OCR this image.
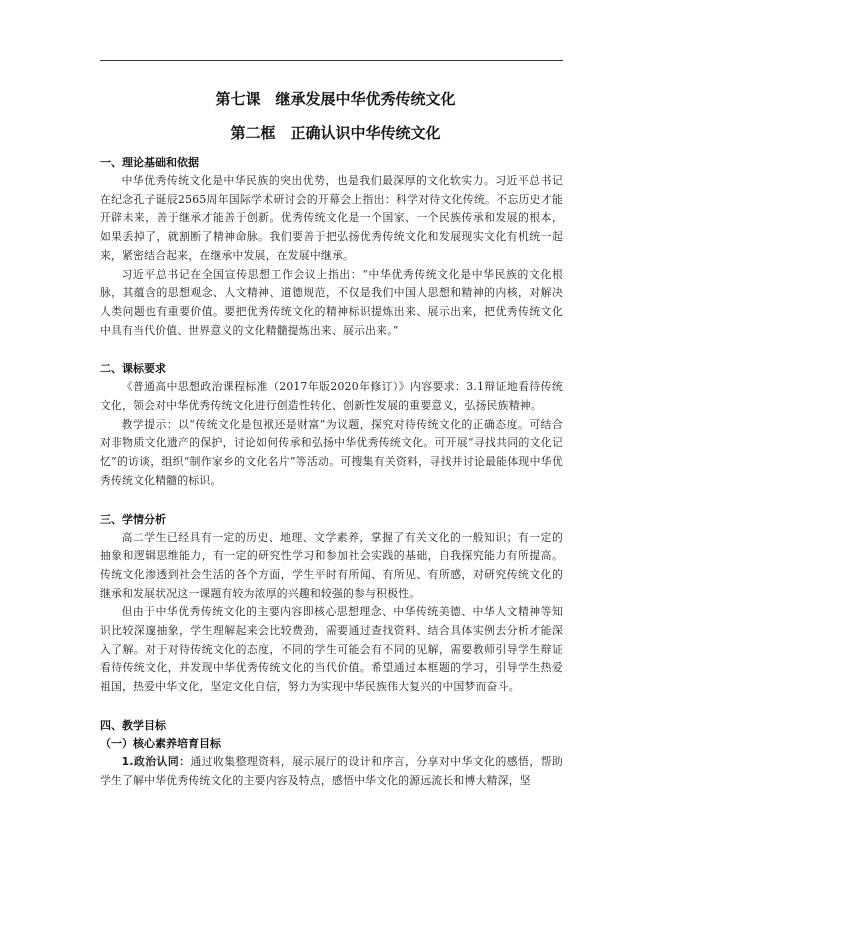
第七课　继承发展中华优秀传统文化
第二框　正确认识中华传统文化

一、理论基础和依据

中华优秀传统文化是中华民族的突出优势，也是我们最深厚的文化软实力。习近平总书记在纪念孔子诞辰2565周年国际学术研讨会的开幕会上指出：科学对待文化传统。不忘历史才能开辟未来，善于继承才能善于创新。优秀传统文化是一个国家、一个民族传承和发展的根本，如果丢掉了，就割断了精神命脉。我们要善于把弘扬优秀传统文化和发展现实文化有机统一起来，紧密结合起来，在继承中发展，在发展中继承。

习近平总书记在全国宣传思想工作会议上指出：“中华优秀传统文化是中华民族的文化根脉，其蕴含的思想观念、人文精神、道德规范，不仅是我们中国人思想和精神的内核，对解决人类问题也有重要价值。要把优秀传统文化的精神标识提炼出来、展示出来，把优秀传统文化中具有当代价值、世界意义的文化精髓提炼出来、展示出来。”

二、课标要求

《普通高中思想政治课程标准（2017年版2020年修订）》内容要求：3.1辩证地看待传统文化，领会对中华优秀传统文化进行创造性转化、创新性发展的重要意义，弘扬民族精神。

教学提示：以“传统文化是包袱还是财富”为议题，探究对待传统文化的正确态度。可结合对非物质文化遗产的保护，讨论如何传承和弘扬中华优秀传统文化。可开展“寻找共同的文化记忆”的访谈，组织“制作家乡的文化名片”等活动。可搜集有关资料，寻找并讨论最能体现中华优秀传统文化精髓的标识。

三、学情分析

高二学生已经具有一定的历史、地理、文学素养，掌握了有关文化的一般知识；有一定的抽象和逻辑思维能力，有一定的研究性学习和参加社会实践的基础，自我探究能力有所提高。传统文化渗透到社会生活的各个方面，学生平时有所闻、有所见、有所感，对研究传统文化的继承和发展状况这一课题有较为浓厚的兴趣和较强的参与积极性。

但由于中华优秀传统文化的主要内容即核心思想理念、中华传统美德、中华人文精神等知识比较深邃抽象，学生理解起来会比较费劲，需要通过查找资料、结合具体实例去分析才能深入了解。对于对待传统文化的态度，不同的学生可能会有不同的见解，需要教师引导学生辩证看待传统文化，并发现中华优秀传统文化的当代价值。希望通过本框题的学习，引导学生热爱祖国，热爱中华文化，坚定文化自信，努力为实现中华民族伟大复兴的中国梦而奋斗。

四、教学目标

（一）核心素养培育目标

1.政治认同：通过收集整理资料，展示展厅的设计和序言，分享对中华文化的感悟，帮助学生了解中华优秀传统文化的主要内容及特点，感悟中华文化的源远流长和博大精深，坚
